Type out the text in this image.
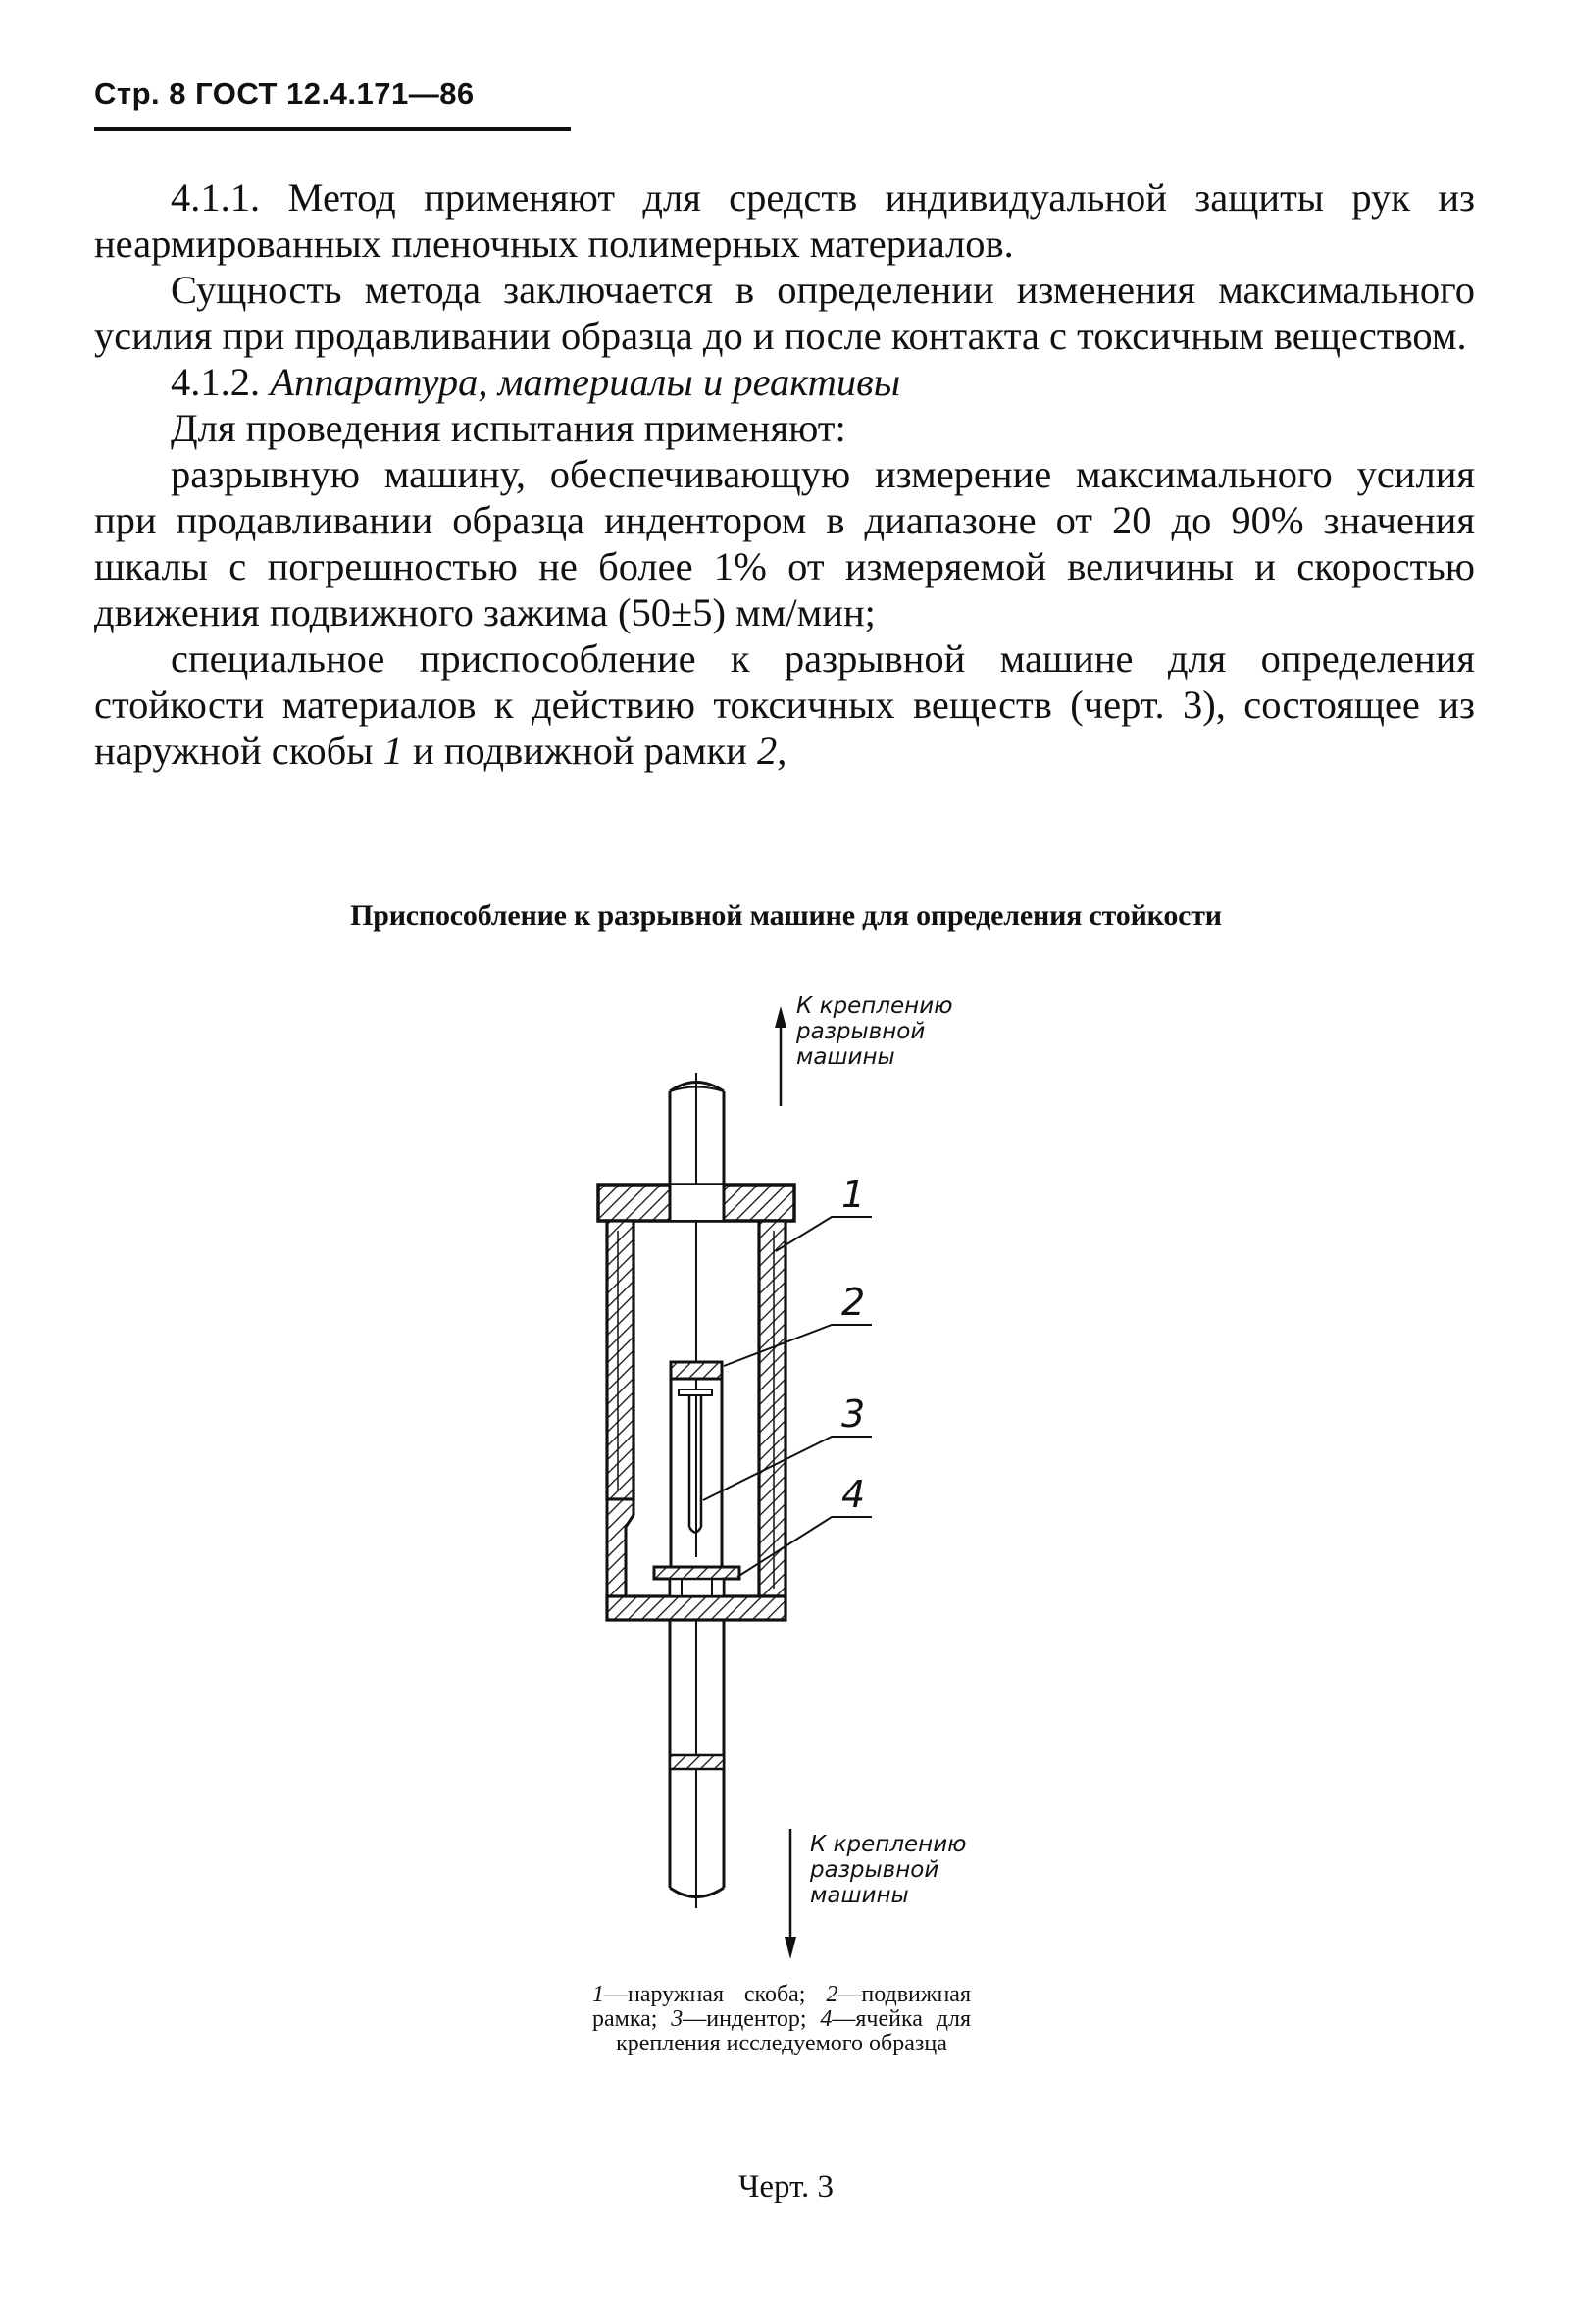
Стр. 8 ГОСТ 12.4.171—86

4.1.1. Метод применяют для средств индивидуальной защиты рук из неармированных пленочных полимерных материалов.

Сущность метода заключается в определении изменения максимального усилия при продавливании образца до и после контакта с токсичным веществом.

4.1.2. Аппаратура, материалы и реактивы

Для проведения испытания применяют:

разрывную машину, обеспечивающую измерение максимального усилия при продавливании образца индентором в диапазоне от 20 до 90% значения шкалы с погрешностью не более 1% от измеряемой величины и скоростью движения подвижного зажима (50±5) мм/мин;

специальное приспособление к разрывной машине для определения стойкости материалов к действию токсичных веществ (черт. 3), состоящее из наружной скобы 1 и подвижной рамки 2,

Приспособление к разрывной машине для определения стойкости
К креплению разрывной машины
К креплению разрывной машины
1
2
3
4
1—наружная скоба; 2—подвижная рамка; 3—индентор; 4—ячейка для крепления исследуемого образца
Черт. 3
